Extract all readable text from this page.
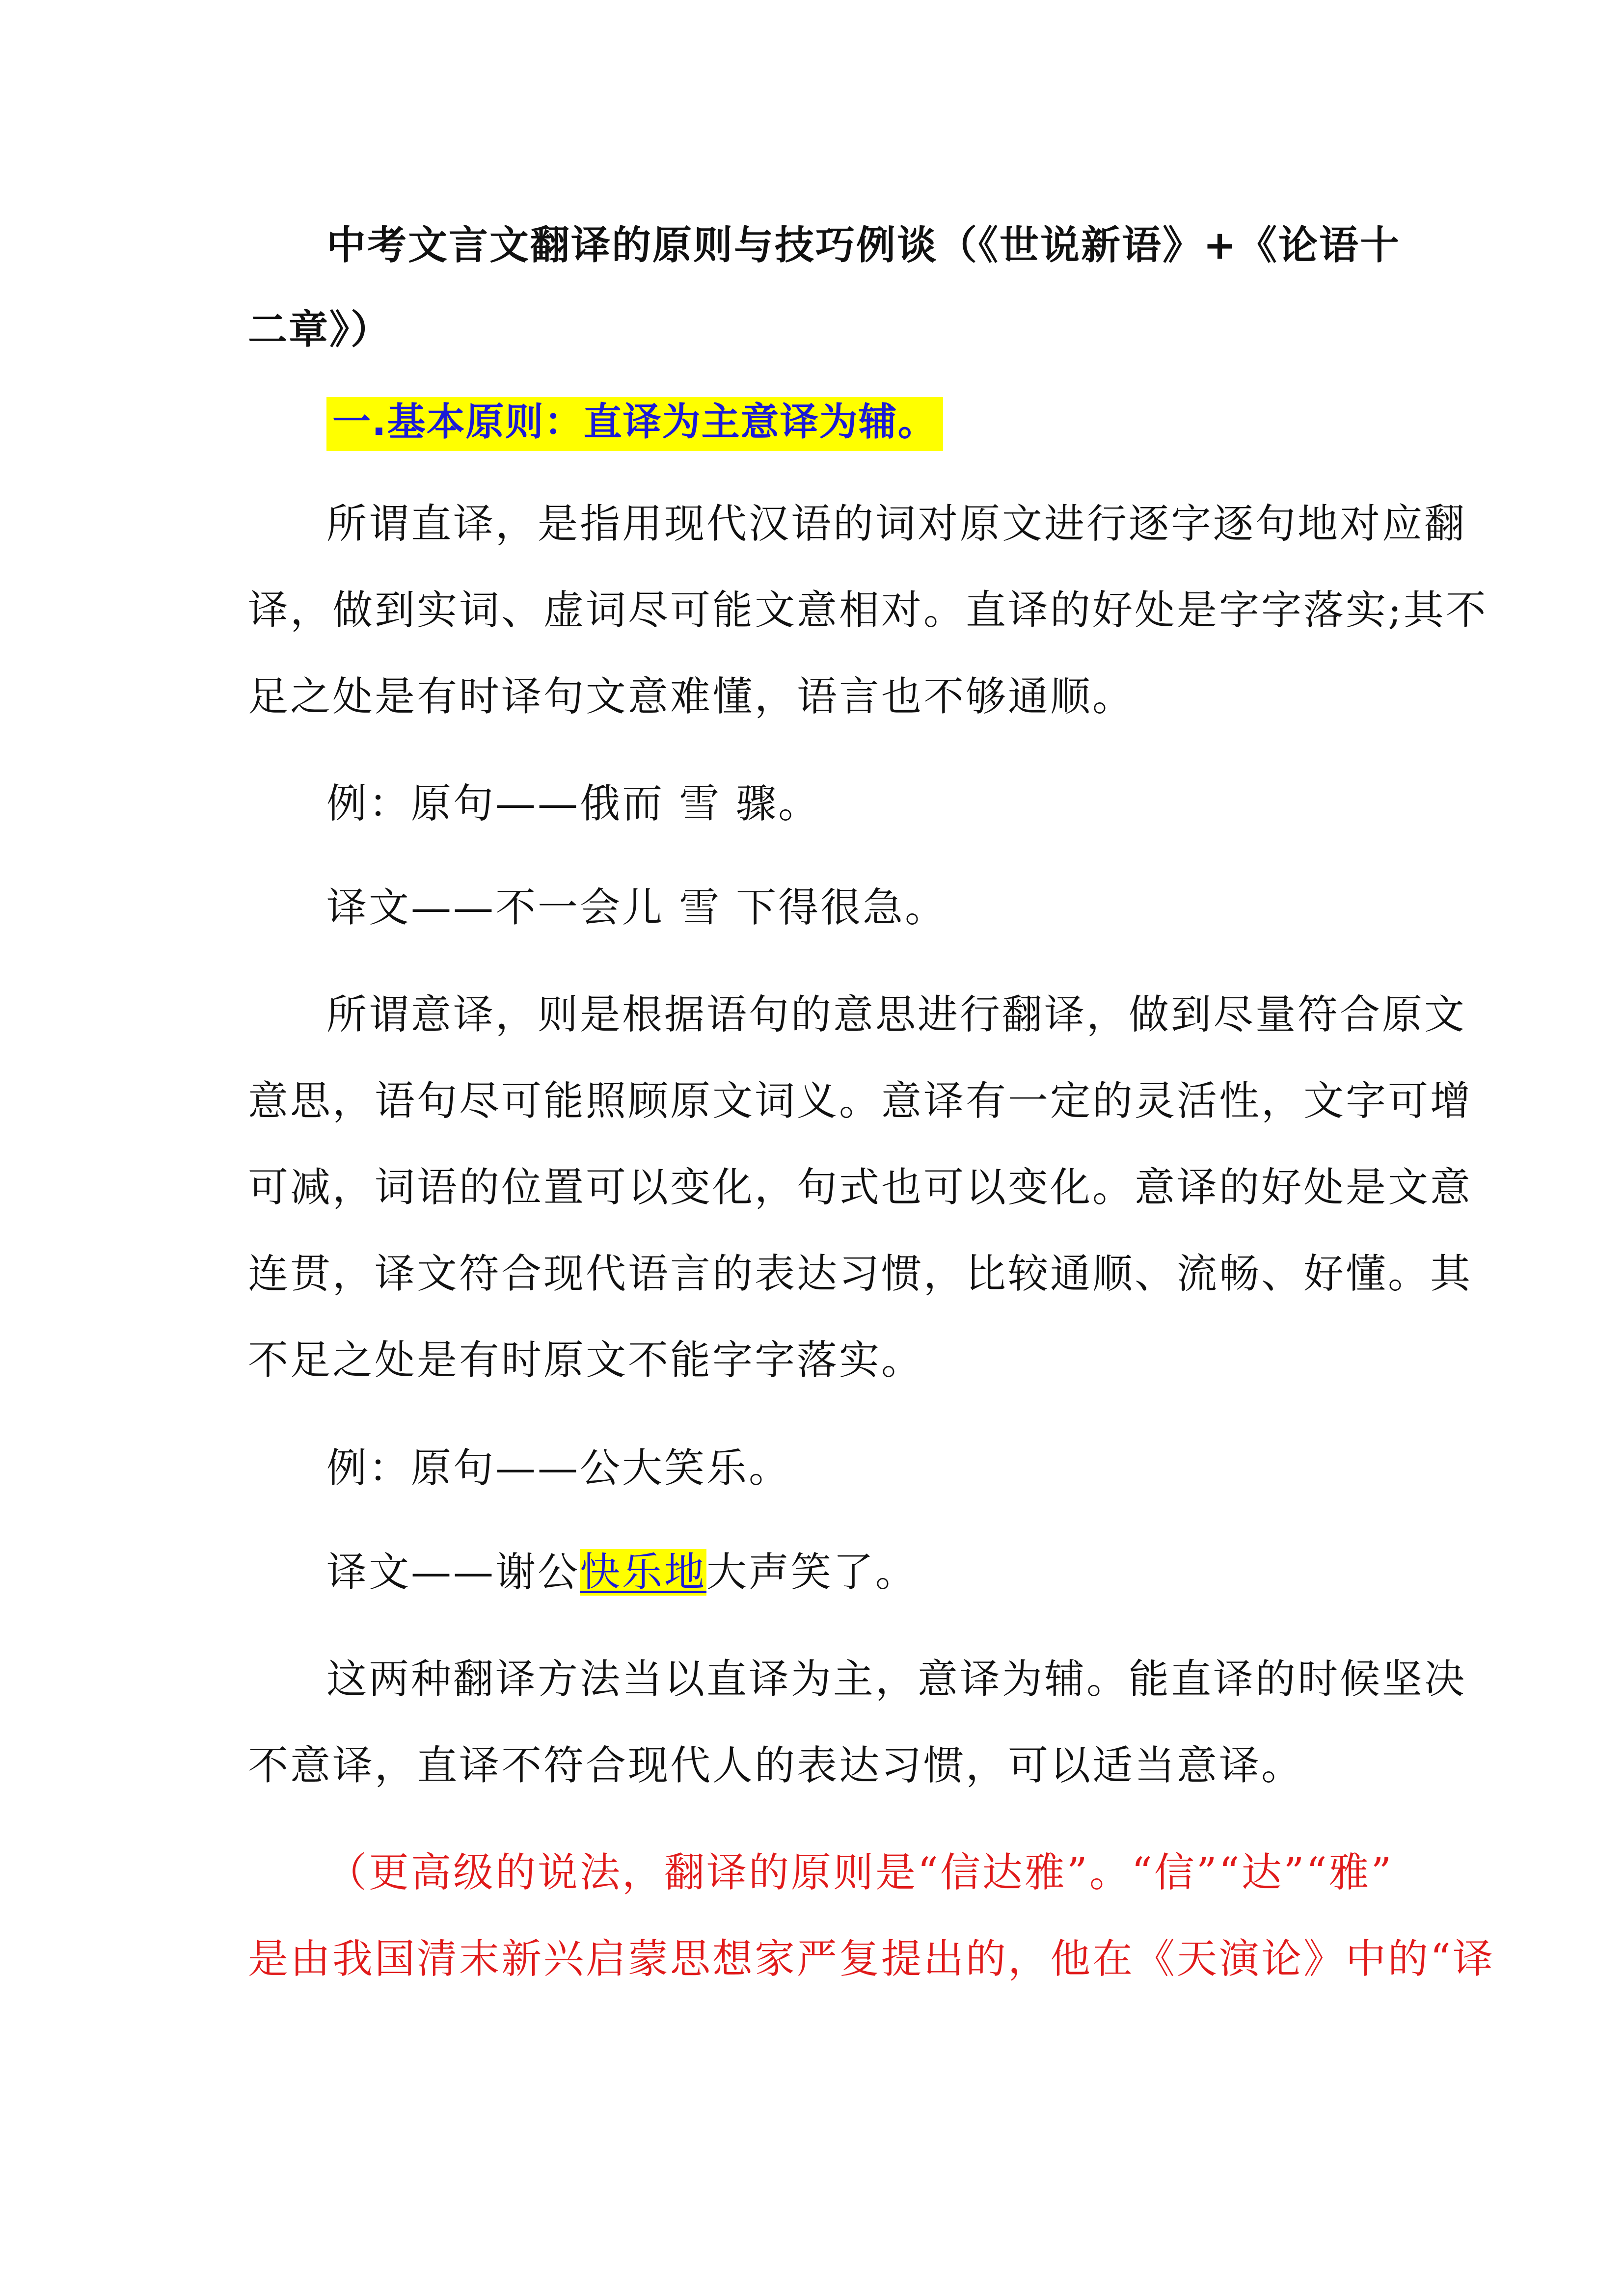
中考文言文翻译的原则与技巧例谈（《世说新语》+《论语十
二章》）
一.基本原则：直译为主意译为辅。
所谓直译，是指用现代汉语的词对原文进行逐字逐句地对应翻
译，做到实词、虚词尽可能文意相对。直译的好处是字字落实;其不
足之处是有时译句文意难懂，语言也不够通顺。
例：原句——俄而 雪 骤。
译文——不一会儿 雪 下得很急。
所谓意译，则是根据语句的意思进行翻译，做到尽量符合原文
意思，语句尽可能照顾原文词义。意译有一定的灵活性，文字可增
可减，词语的位置可以变化，句式也可以变化。意译的好处是文意
连贯，译文符合现代语言的表达习惯，比较通顺、流畅、好懂。其
不足之处是有时原文不能字字落实。
例：原句——公大笑乐。
译文——谢公快乐地大声笑了。
这两种翻译方法当以直译为主，意译为辅。能直译的时候坚决
不意译，直译不符合现代人的表达习惯，可以适当意译。
（更高级的说法，翻译的原则是“信达雅”。“信”“达”“雅”
是由我国清末新兴启蒙思想家严复提出的，他在《天演论》中的“译
